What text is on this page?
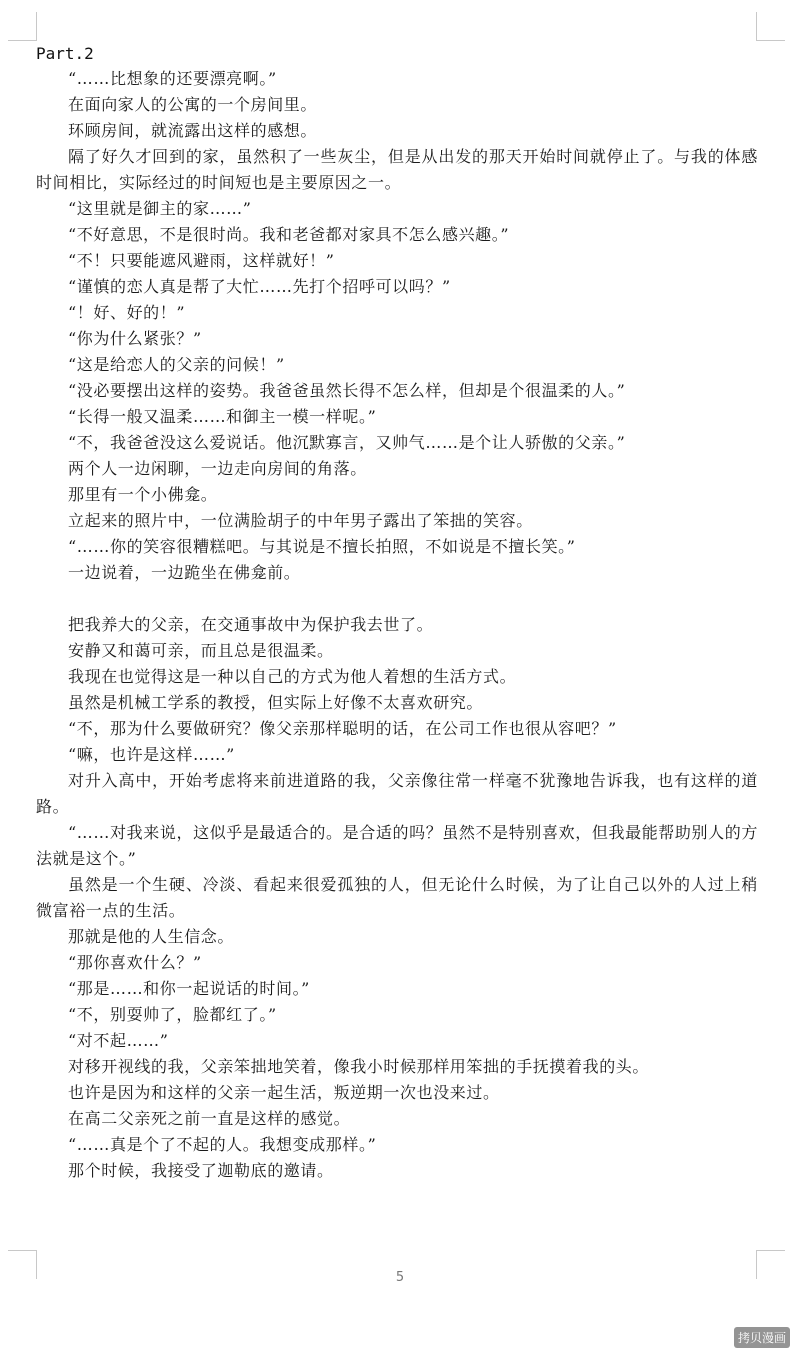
Part.2

“……比想象的还要漂亮啊。”

在面向家人的公寓的一个房间里。

环顾房间，就流露出这样的感想。

隔了好久才回到的家，虽然积了一些灰尘，但是从出发的那天开始时间就停止了。与我的体感时间相比，实际经过的时间短也是主要原因之一。

“这里就是御主的家……”

“不好意思，不是很时尚。我和老爸都对家具不怎么感兴趣。”

“不！只要能遮风避雨，这样就好！”

“谨慎的恋人真是帮了大忙……先打个招呼可以吗？”

“！好、好的！”

“你为什么紧张？”

“这是给恋人的父亲的问候！”

“没必要摆出这样的姿势。我爸爸虽然长得不怎么样，但却是个很温柔的人。”

“长得一般又温柔……和御主一模一样呢。”

“不，我爸爸没这么爱说话。他沉默寡言，又帅气……是个让人骄傲的父亲。”

两个人一边闲聊，一边走向房间的角落。

那里有一个小佛龛。

立起来的照片中，一位满脸胡子的中年男子露出了笨拙的笑容。

“……你的笑容很糟糕吧。与其说是不擅长拍照，不如说是不擅长笑。”

一边说着，一边跪坐在佛龛前。

把我养大的父亲，在交通事故中为保护我去世了。

安静又和蔼可亲，而且总是很温柔。

我现在也觉得这是一种以自己的方式为他人着想的生活方式。

虽然是机械工学系的教授，但实际上好像不太喜欢研究。

“不，那为什么要做研究？像父亲那样聪明的话，在公司工作也很从容吧？”

“嘛，也许是这样……”

对升入高中，开始考虑将来前进道路的我，父亲像往常一样毫不犹豫地告诉我，也有这样的道路。

“……对我来说，这似乎是最适合的。是合适的吗？虽然不是特别喜欢，但我最能帮助别人的方法就是这个。”

虽然是一个生硬、冷淡、看起来很爱孤独的人，但无论什么时候，为了让自己以外的人过上稍微富裕一点的生活。

那就是他的人生信念。

“那你喜欢什么？”

“那是……和你一起说话的时间。”

“不，别耍帅了，脸都红了。”

“对不起……”

对移开视线的我，父亲笨拙地笑着，像我小时候那样用笨拙的手抚摸着我的头。

也许是因为和这样的父亲一起生活，叛逆期一次也没来过。

在高二父亲死之前一直是这样的感觉。

“……真是个了不起的人。我想变成那样。”

那个时候，我接受了迦勒底的邀请。

5
拷贝漫画
